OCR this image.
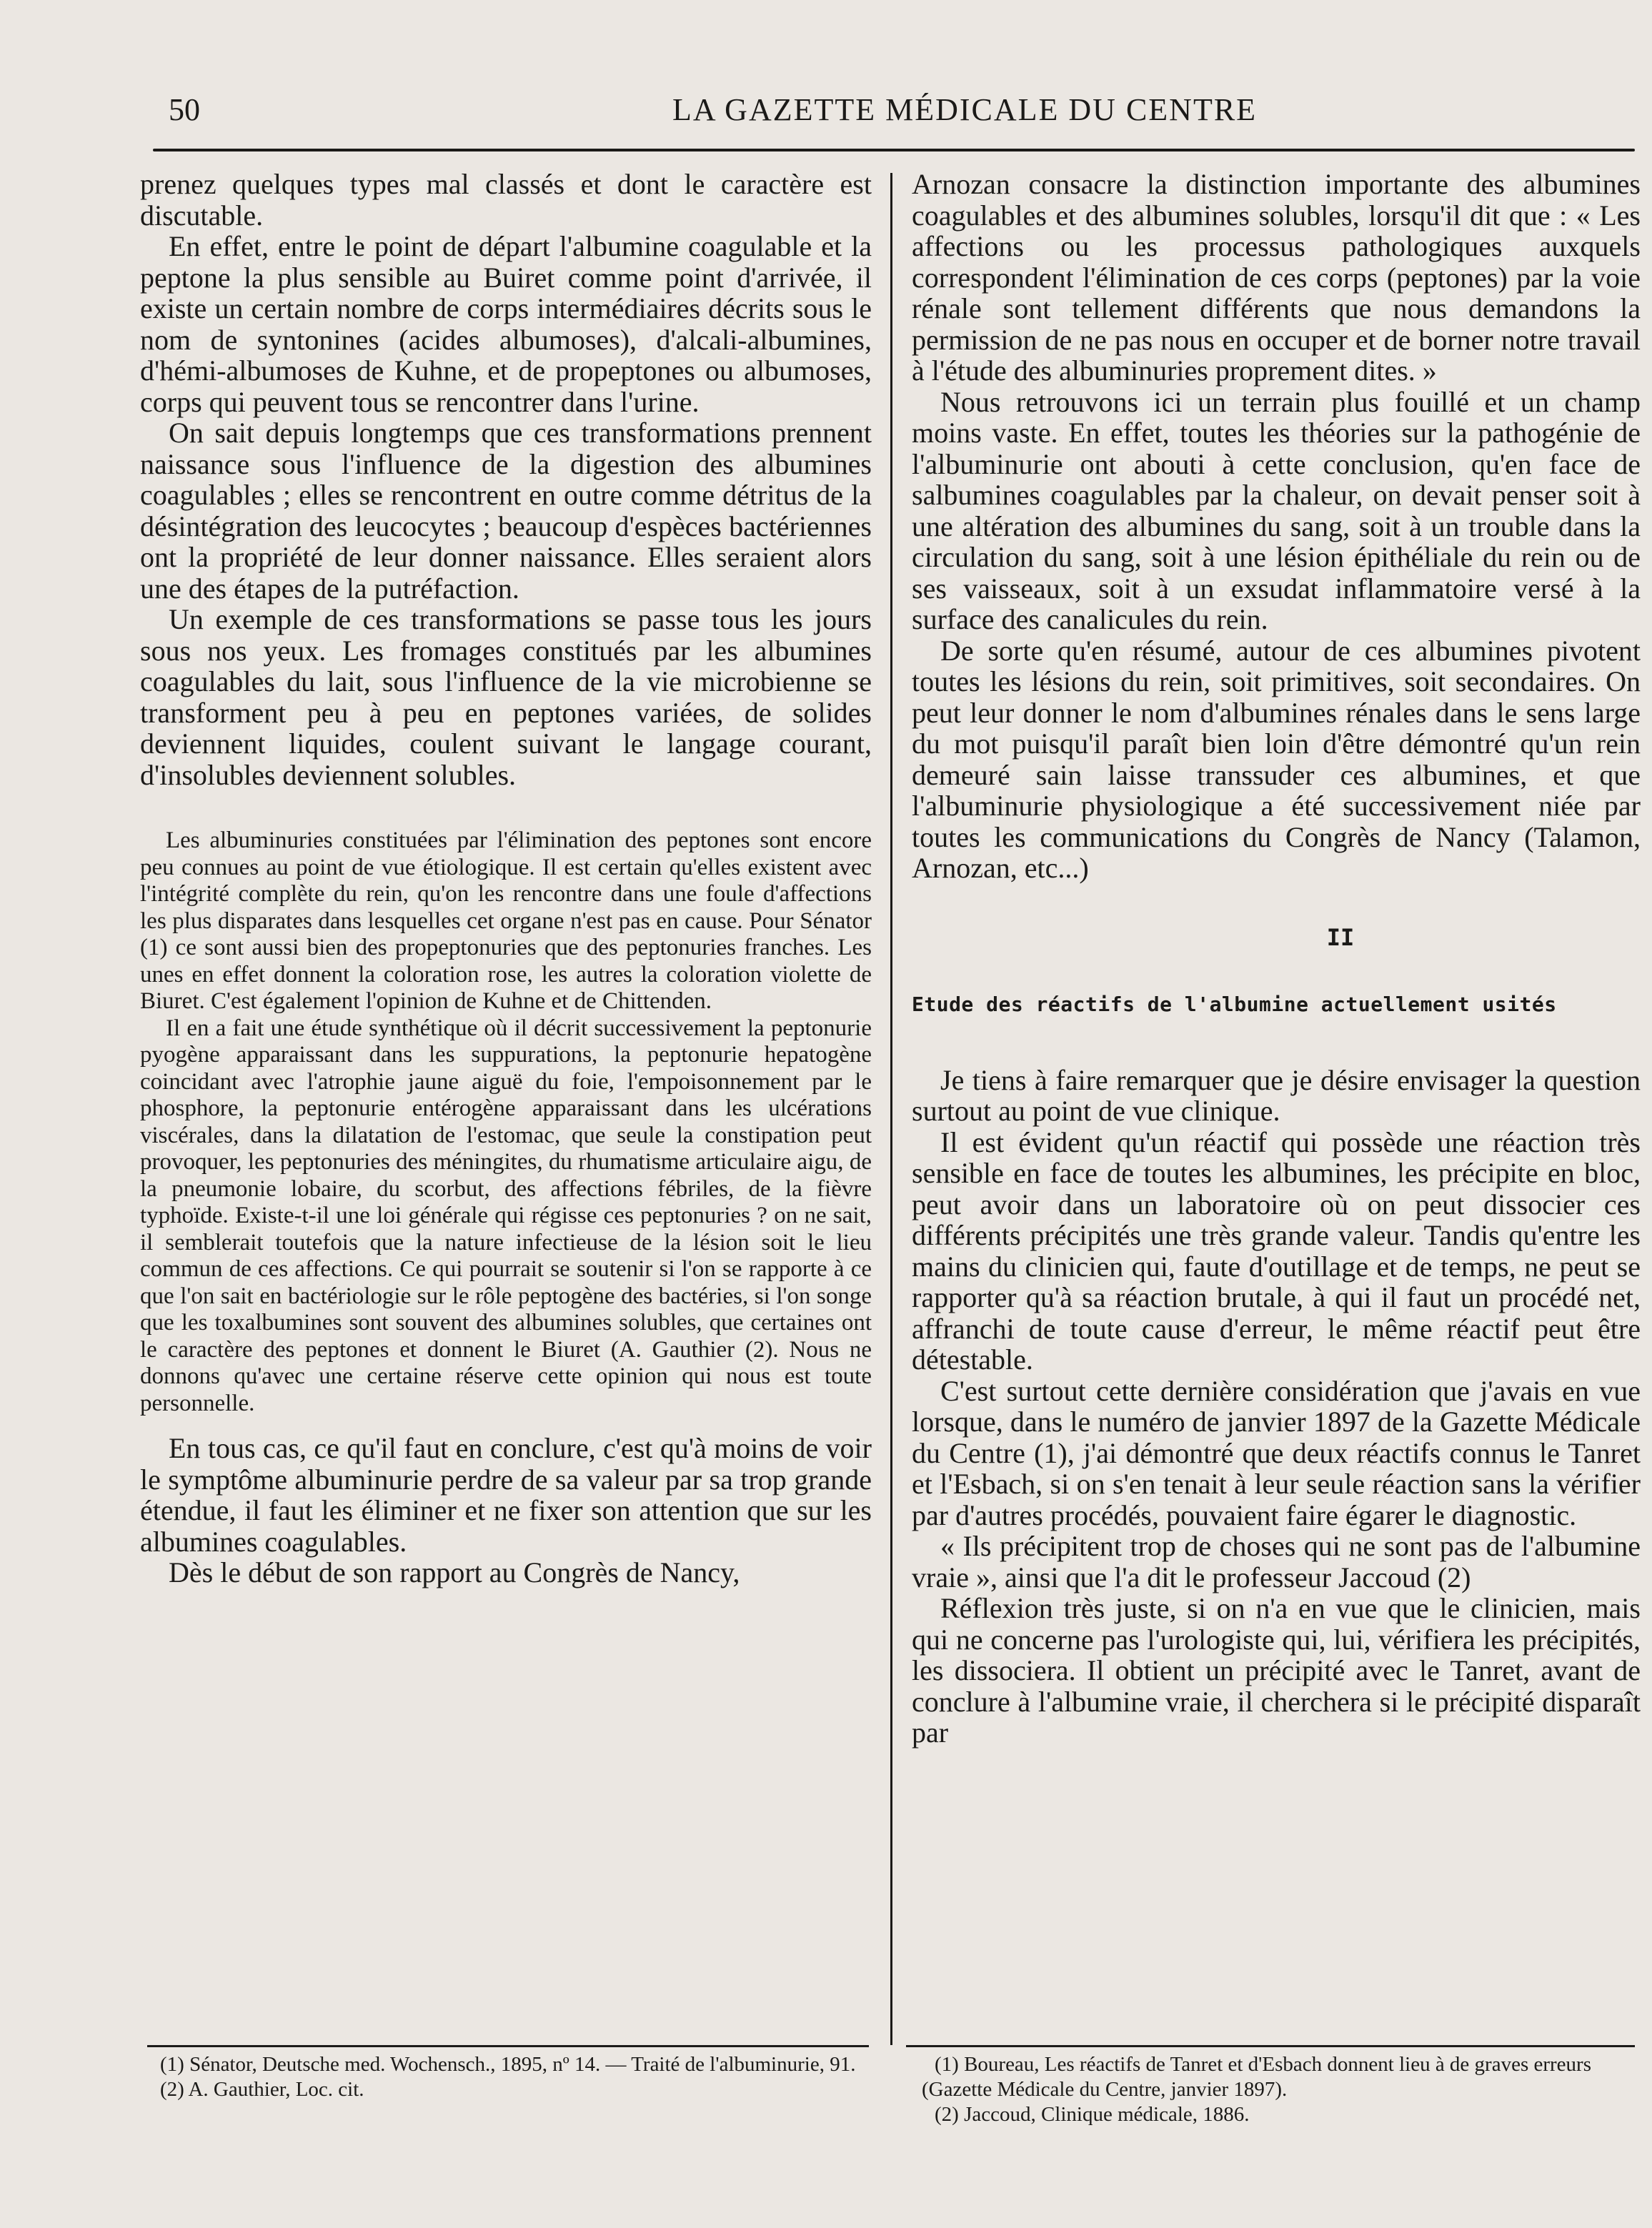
50	LA GAZETTE MÉDICALE DU CENTRE

prenez quelques types mal classés et dont le caractère est discutable.

En effet, entre le point de départ l'albumine coagulable et la peptone la plus sensible au Buiret comme point d'arrivée, il existe un certain nombre de corps intermédiaires décrits sous le nom de syntonines (acides albumoses), d'alcali-albumines, d'hémi-albumoses de Kuhne, et de propeptones ou albumoses, corps qui peuvent tous se rencontrer dans l'urine.

On sait depuis longtemps que ces transformations prennent naissance sous l'influence de la digestion des albumines coagulables ; elles se rencontrent en outre comme détritus de la désintégration des leucocytes ; beaucoup d'espèces bactériennes ont la propriété de leur donner naissance. Elles seraient alors une des étapes de la putréfaction.

Un exemple de ces transformations se passe tous les jours sous nos yeux. Les fromages constitués par les albumines coagulables du lait, sous l'influence de la vie microbienne se transforment peu à peu en peptones variées, de solides deviennent liquides, coulent suivant le langage courant, d'insolubles deviennent solubles.

Les albuminuries constituées par l'élimination des peptones sont encore peu connues au point de vue étiologique. Il est certain qu'elles existent avec l'intégrité complète du rein, qu'on les rencontre dans une foule d'affections les plus disparates dans lesquelles cet organe n'est pas en cause. Pour Sénator (1) ce sont aussi bien des propeptonuries que des peptonuries franches. Les unes en effet donnent la coloration rose, les autres la coloration violette de Biuret. C'est également l'opinion de Kuhne et de Chittenden.

Il en a fait une étude synthétique où il décrit successivement la peptonurie pyogène apparaissant dans les suppurations, la peptonurie hepatogène coincidant avec l'atrophie jaune aiguë du foie, l'empoisonnement par le phosphore, la peptonurie entérogène apparaissant dans les ulcérations viscérales, dans la dilatation de l'estomac, que seule la constipation peut provoquer, les peptonuries des méningites, du rhumatisme articulaire aigu, de la pneumonie lobaire, du scorbut, des affections fébriles, de la fièvre typhoïde. Existe-t-il une loi générale qui régisse ces peptonuries ? on ne sait, il semblerait toutefois que la nature infectieuse de la lésion soit le lieu commun de ces affections. Ce qui pourrait se soutenir si l'on se rapporte à ce que l'on sait en bactériologie sur le rôle peptogène des bactéries, si l'on songe que les toxalbumines sont souvent des albumines solubles, que certaines ont le caractère des peptones et donnent le Biuret (A. Gauthier (2). Nous ne donnons qu'avec une certaine réserve cette opinion qui nous est toute personnelle.

En tous cas, ce qu'il faut en conclure, c'est qu'à moins de voir le symptôme albuminurie perdre de sa valeur par sa trop grande étendue, il faut les éliminer et ne fixer son attention que sur les albumines coagulables.

Dès le début de son rapport au Congrès de Nancy,

Arnozan consacre la distinction importante des albumines coagulables et des albumines solubles, lorsqu'il dit que : « Les affections ou les processus pathologiques auxquels correspondent l'élimination de ces corps (peptones) par la voie rénale sont tellement différents que nous demandons la permission de ne pas nous en occuper et de borner notre travail à l'étude des albuminuries proprement dites. »

Nous retrouvons ici un terrain plus fouillé et un champ moins vaste. En effet, toutes les théories sur la pathogénie de l'albuminurie ont abouti à cette conclusion, qu'en face de salbumines coagulables par la chaleur, on devait penser soit à une altération des albumines du sang, soit à un trouble dans la circulation du sang, soit à une lésion épithéliale du rein ou de ses vaisseaux, soit à un exsudat inflammatoire versé à la surface des canalicules du rein.

De sorte qu'en résumé, autour de ces albumines pivotent toutes les lésions du rein, soit primitives, soit secondaires. On peut leur donner le nom d'albumines rénales dans le sens large du mot puisqu'il paraît bien loin d'être démontré qu'un rein demeuré sain laisse transsuder ces albumines, et que l'albuminurie physiologique a été successivement niée par toutes les communications du Congrès de Nancy (Talamon, Arnozan, etc...)

II

Etude des réactifs de l'albumine actuellement usités

Je tiens à faire remarquer que je désire envisager la question surtout au point de vue clinique.

Il est évident qu'un réactif qui possède une réaction très sensible en face de toutes les albumines, les précipite en bloc, peut avoir dans un laboratoire où on peut dissocier ces différents précipités une très grande valeur. Tandis qu'entre les mains du clinicien qui, faute d'outillage et de temps, ne peut se rapporter qu'à sa réaction brutale, à qui il faut un procédé net, affranchi de toute cause d'erreur, le même réactif peut être détestable.

C'est surtout cette dernière considération que j'avais en vue lorsque, dans le numéro de janvier 1897 de la Gazette Médicale du Centre (1), j'ai démontré que deux réactifs connus le Tanret et l'Esbach, si on s'en tenait à leur seule réaction sans la vérifier par d'autres procédés, pouvaient faire égarer le diagnostic.

« Ils précipitent trop de choses qui ne sont pas de l'albumine vraie », ainsi que l'a dit le professeur Jaccoud (2)

Réflexion très juste, si on n'a en vue que le clinicien, mais qui ne concerne pas l'urologiste qui, lui, vérifiera les précipités, les dissociera. Il obtient un précipité avec le Tanret, avant de conclure à l'albumine vraie, il cherchera si le précipité disparaît par

(1) Sénator, Deutsche med. Wochensch., 1895, nº 14. — Traité de l'albuminurie, 91.

(2) A. Gauthier, Loc. cit.

(1) Boureau, Les réactifs de Tanret et d'Esbach donnent lieu à de graves erreurs (Gazette Médicale du Centre, janvier 1897).

(2) Jaccoud, Clinique médicale, 1886.
